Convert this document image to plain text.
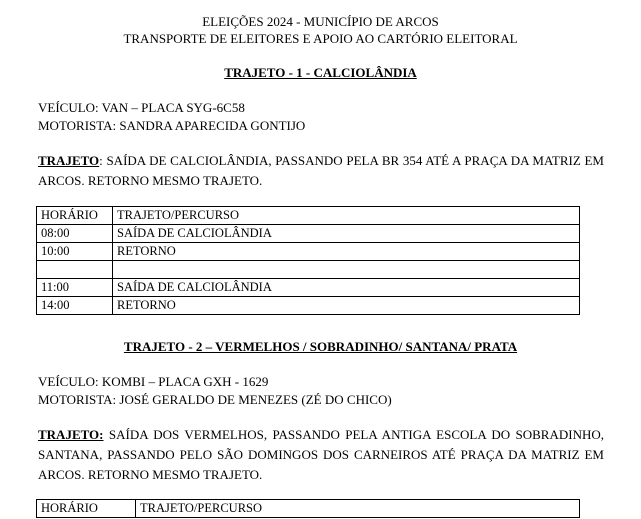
ELEIÇÕES 2024 - MUNICÍPIO DE ARCOS
TRANSPORTE DE ELEITORES E APOIO AO CARTÓRIO ELEITORAL
TRAJETO - 1 - CALCIOLÂNDIA
VEÍCULO: VAN – PLACA SYG-6C58
MOTORISTA: SANDRA APARECIDA GONTIJO
TRAJETO: SAÍDA DE CALCIOLÂNDIA, PASSANDO PELA BR 354 ATÉ A PRAÇA DA MATRIZ EM ARCOS. RETORNO MESMO TRAJETO.
HORÁRIO	TRAJETO/PERCURSO
08:00	SAÍDA DE CALCIOLÂNDIA
10:00	RETORNO

11:00	SAÍDA DE CALCIOLÂNDIA
14:00	RETORNO
TRAJETO - 2 – VERMELHOS / SOBRADINHO/ SANTANA/ PRATA
VEÍCULO: KOMBI – PLACA GXH - 1629
MOTORISTA: JOSÉ GERALDO DE MENEZES (ZÉ DO CHICO)
TRAJETO: SAÍDA DOS VERMELHOS, PASSANDO PELA ANTIGA ESCOLA DO SOBRADINHO, SANTANA, PASSANDO PELO SÃO DOMINGOS DOS CARNEIROS ATÉ PRAÇA DA MATRIZ EM ARCOS. RETORNO MESMO TRAJETO.
HORÁRIO	TRAJETO/PERCURSO
